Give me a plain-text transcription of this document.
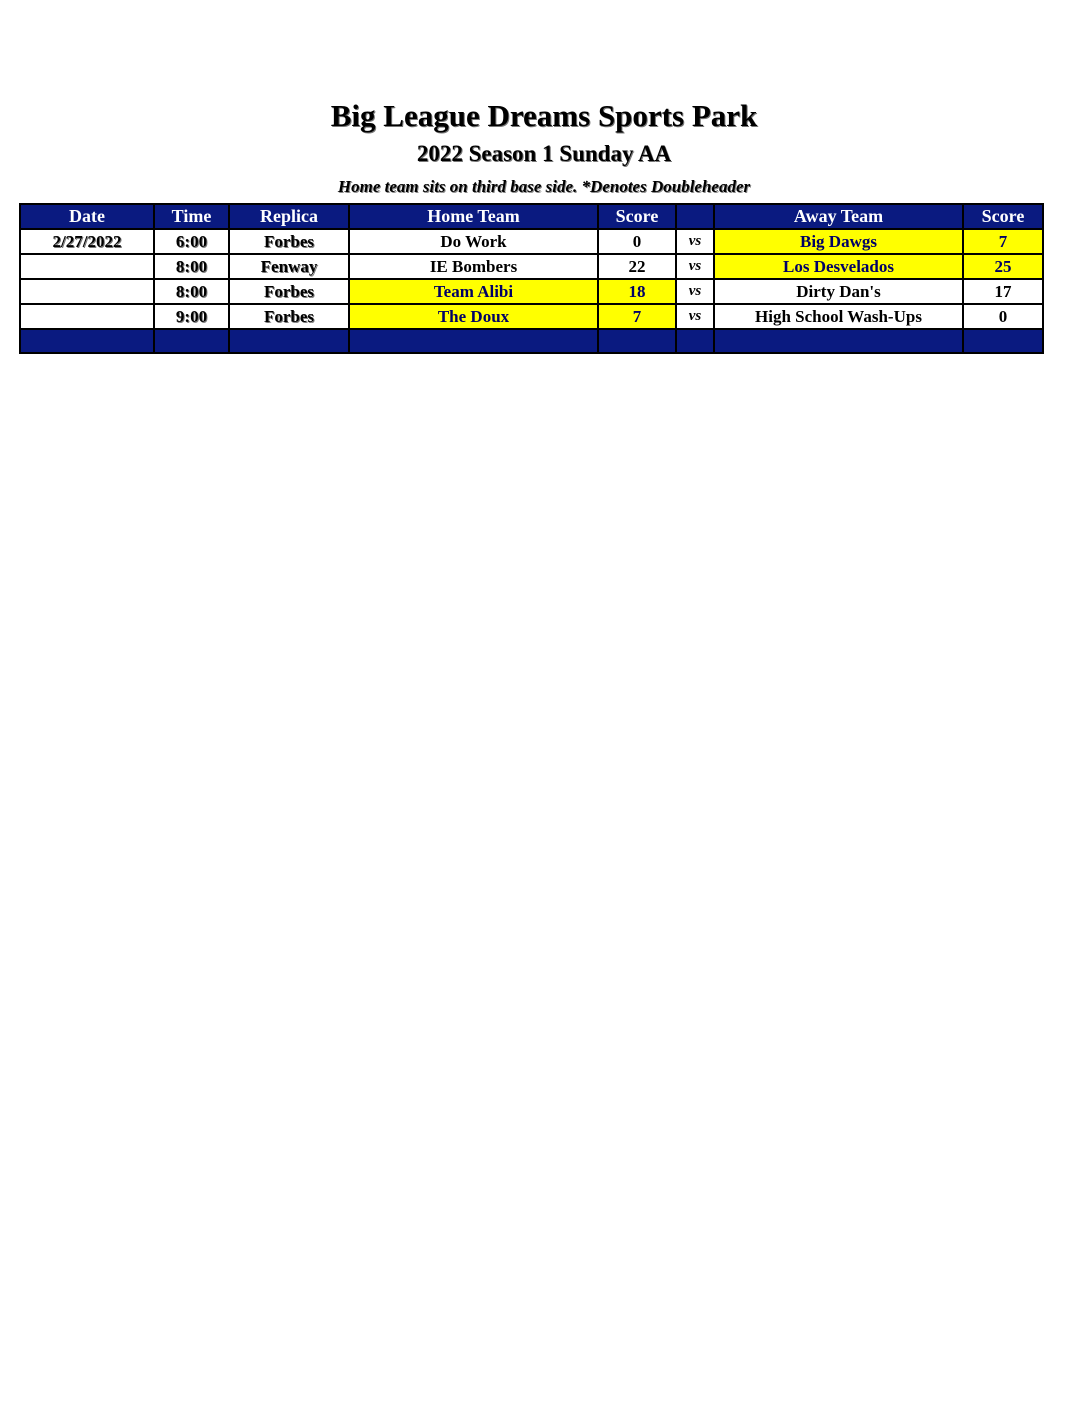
Big League Dreams Sports Park
2022 Season 1 Sunday AA
Home team sits on third base side. *Denotes Doubleheader
Date	Time	Replica	Home Team	Score		Away Team	Score
2/27/2022	6:00	Forbes	Do Work	0	vs	Big Dawgs	7
	8:00	Fenway	IE Bombers	22	vs	Los Desvelados	25
	8:00	Forbes	Team Alibi	18	vs	Dirty Dan's	17
	9:00	Forbes	The Doux	7	vs	High School Wash-Ups	0
